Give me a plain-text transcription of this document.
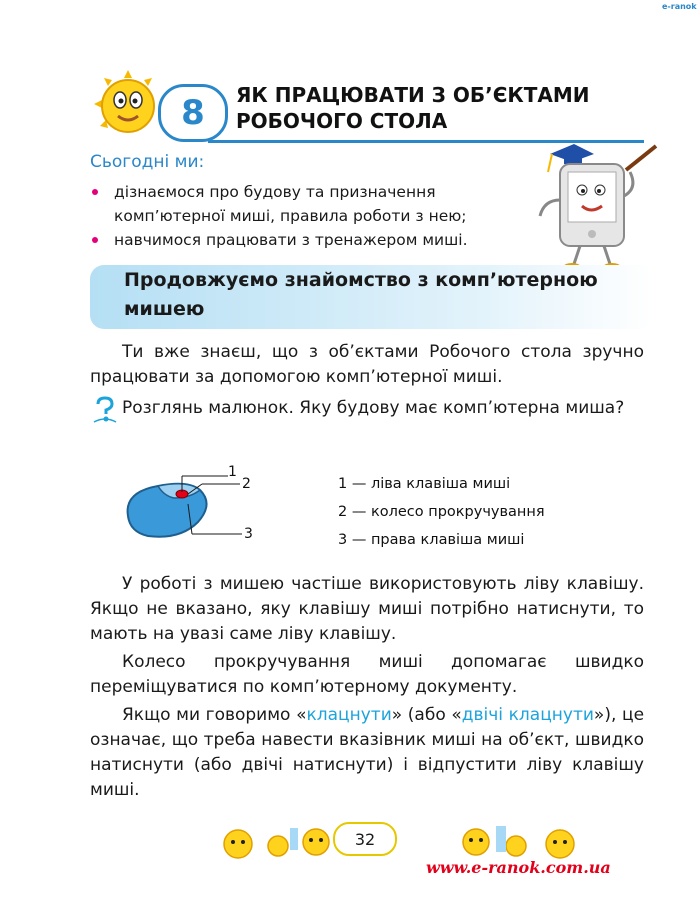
e-ranok
8	ЯК ПРАЦЮВАТИ З ОБ’ЄКТАМИ
РОБОЧОГО СТОЛА
Сьогодні ми:
дізнаємося про будову та призначення комп’ютерної миші, правила роботи з нею;
навчимося працювати з тренажером миші.
Продовжуємо знайомство з комп’ютерною
мишею
Ти вже знаєш, що з об’єктами Робочого стола зручно працювати за допомогою комп’ютерної миші.
Розглянь малюнок. Яку будову має комп’ютерна миша?
1
2
3
1 — ліва клавіша миші
2 — колесо прокручування
3 — права клавіша миші
У роботі з мишею частіше використовують ліву клавішу. Якщо не вказано, яку клавішу миші потрібно натиснути, то мають на увазі саме ліву клавішу.
Колесо прокручування миші допомагає швидко переміщуватися по комп’ютерному документу.
Якщо ми говоримо «клацнути» (або «двічі клацнути»), це означає, що треба навести вказівник миші на об’єкт, швидко натиснути (або двічі натиснути) і відпустити ліву клавішу миші.
32
www.e-ranok.com.ua
